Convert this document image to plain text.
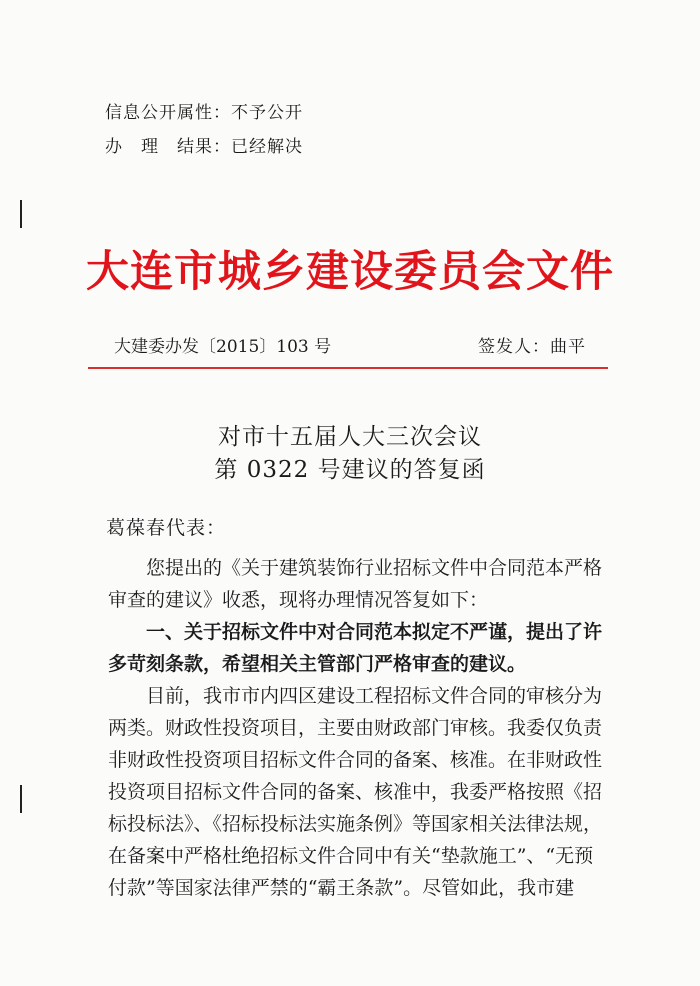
信息公开属性：不予公开
办　理　结果：已经解决
大连市城乡建设委员会文件
大建委办发〔2015〕103 号	签发人：曲平
对市十五届人大三次会议
第 0322 号建议的答复函
葛葆春代表：
您提出的《关于建筑装饰行业招标文件中合同范本严格
审查的建议》收悉，现将办理情况答复如下：
一、关于招标文件中对合同范本拟定不严谨，提出了许
多苛刻条款，希望相关主管部门严格审查的建议。
目前，我市市内四区建设工程招标文件合同的审核分为
两类。财政性投资项目，主要由财政部门审核。我委仅负责
非财政性投资项目招标文件合同的备案、核准。在非财政性
投资项目招标文件合同的备案、核准中，我委严格按照《招
标投标法》、《招标投标法实施条例》等国家相关法律法规，
在备案中严格杜绝招标文件合同中有关“垫款施工”、“无预
付款”等国家法律严禁的“霸王条款”。尽管如此，我市建
